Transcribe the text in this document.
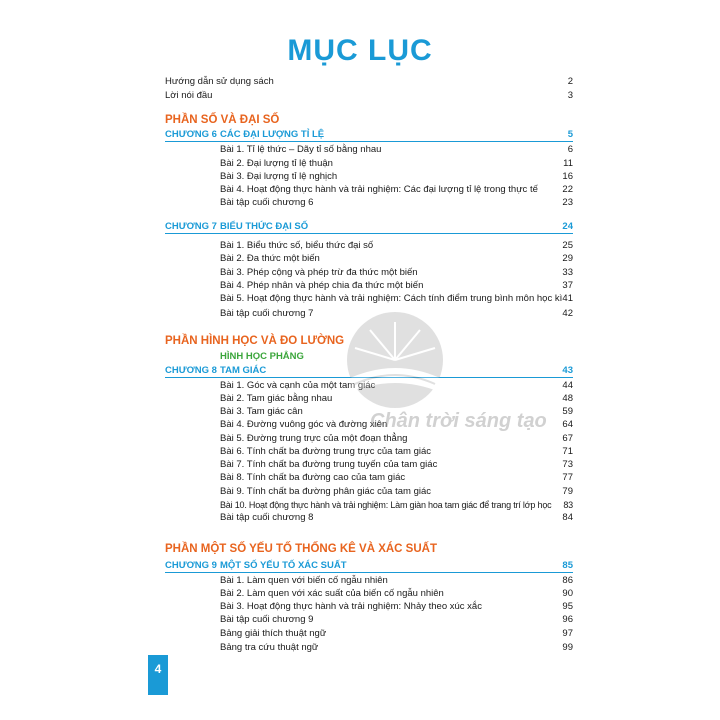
MỤC LỤC
Hướng dẫn sử dụng sách	2
Lời nói đầu	3
PHẦN SỐ VÀ ĐẠI SỐ
CHƯƠNG 6 CÁC ĐẠI LƯỢNG TỈ LỆ	5
Bài 1. Tỉ lệ thức – Dãy tỉ số bằng nhau	6
Bài 2. Đại lượng tỉ lệ thuận	11
Bài 3. Đại lượng tỉ lệ nghịch	16
Bài 4. Hoạt động thực hành và trải nghiệm: Các đại lượng tỉ lệ trong thực tế	22
Bài tập cuối chương 6	23
CHƯƠNG 7 BIỂU THỨC ĐẠI SỐ	24
Bài 1. Biểu thức số, biểu thức đại số	25
Bài 2. Đa thức một biến	29
Bài 3. Phép cộng và phép trừ đa thức một biến	33
Bài 4. Phép nhân và phép chia đa thức một biến	37
Bài 5. Hoạt động thực hành và trải nghiệm: Cách tính điểm trung bình môn học kì 41
Bài tập cuối chương 7	42
PHẦN HÌNH HỌC VÀ ĐO LƯỜNG
HÌNH HỌC PHẲNG
CHƯƠNG 8 TAM GIÁC	43
Bài 1. Góc và cạnh của một tam giác	44
Bài 2. Tam giác bằng nhau	48
Bài 3. Tam giác cân	59
Bài 4. Đường vuông góc và đường xiên	64
Bài 5. Đường trung trực của một đoạn thẳng	67
Bài 6. Tính chất ba đường trung trực của tam giác	71
Bài 7. Tính chất ba đường trung tuyến của tam giác	73
Bài 8. Tính chất ba đường cao của tam giác	77
Bài 9. Tính chất ba đường phân giác của tam giác	79
Bài 10. Hoạt động thực hành và trải nghiệm: Làm giàn hoa tam giác để trang trí lớp học 83
Bài tập cuối chương 8	84
PHẦN MỘT SỐ YẾU TỐ THỐNG KÊ VÀ XÁC SUẤT
CHƯƠNG 9 MỘT SỐ YẾU TỐ XÁC SUẤT	85
Bài 1. Làm quen với biến cố ngẫu nhiên	86
Bài 2. Làm quen với xác suất của biến cố ngẫu nhiên	90
Bài 3. Hoạt động thực hành và trải nghiệm: Nhảy theo xúc xắc	95
Bài tập cuối chương 9	96
Bảng giải thích thuật ngữ	97
Bảng tra cứu thuật ngữ	99
Chân trời sáng tạo
4
